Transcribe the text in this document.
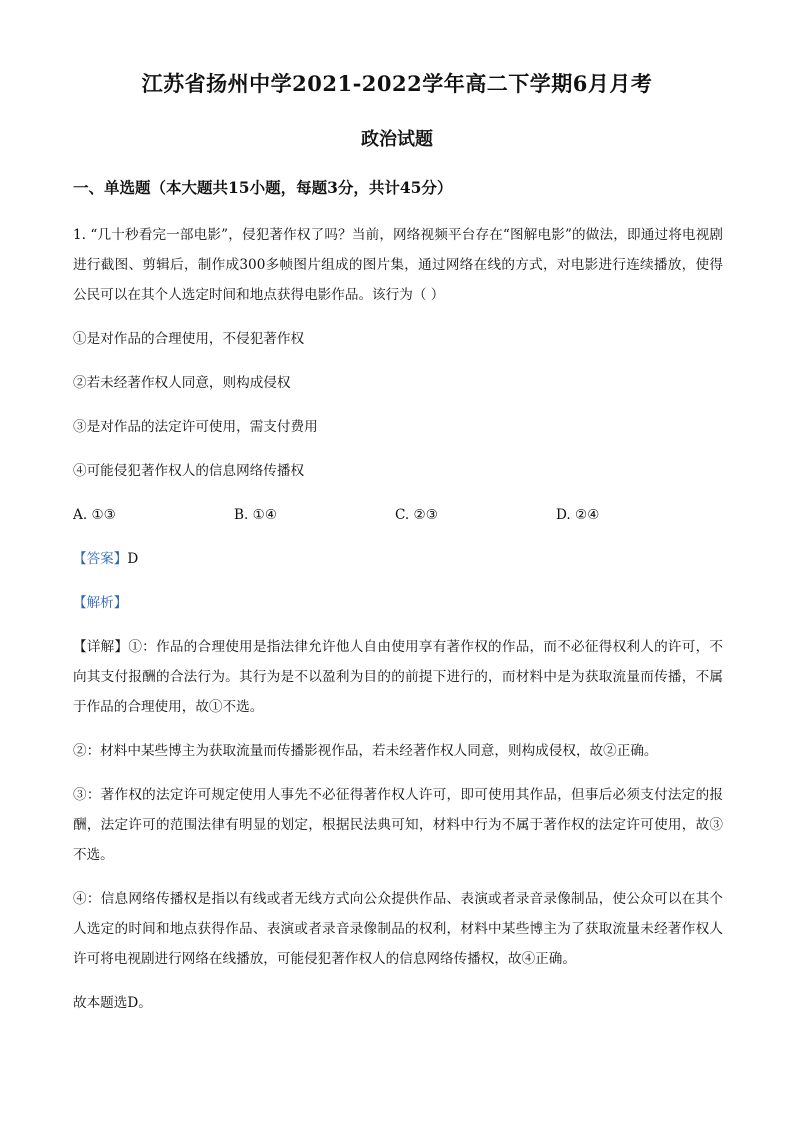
江苏省扬州中学2021-2022学年高二下学期6月月考
政治试题
一、单选题（本大题共15小题，每题3分，共计45分）
1. “几十秒看完一部电影”，侵犯著作权了吗？当前，网络视频平台存在“图解电影”的做法，即通过将电视剧进行截图、剪辑后，制作成300多帧图片组成的图片集，通过网络在线的方式，对电影进行连续播放，使得公民可以在其个人选定时间和地点获得电影作品。该行为（ ）
①是对作品的合理使用，不侵犯著作权
②若未经著作权人同意，则构成侵权
③是对作品的法定许可使用，需支付费用
④可能侵犯著作权人的信息网络传播权
A. ①③	B. ①④	C. ②③	D. ②④
【答案】D
【解析】
【详解】①：作品的合理使用是指法律允许他人自由使用享有著作权的作品，而不必征得权利人的许可，不向其支付报酬的合法行为。其行为是不以盈利为目的的前提下进行的，而材料中是为获取流量而传播，不属于作品的合理使用，故①不选。
②：材料中某些博主为获取流量而传播影视作品，若未经著作权人同意，则构成侵权，故②正确。
③：著作权的法定许可规定使用人事先不必征得著作权人许可，即可使用其作品，但事后必须支付法定的报酬，法定许可的范围法律有明显的划定，根据民法典可知，材料中行为不属于著作权的法定许可使用，故③不选。
④：信息网络传播权是指以有线或者无线方式向公众提供作品、表演或者录音录像制品，使公众可以在其个人选定的时间和地点获得作品、表演或者录音录像制品的权利，材料中某些博主为了获取流量未经著作权人许可将电视剧进行网络在线播放，可能侵犯著作权人的信息网络传播权，故④正确。
故本题选D。
